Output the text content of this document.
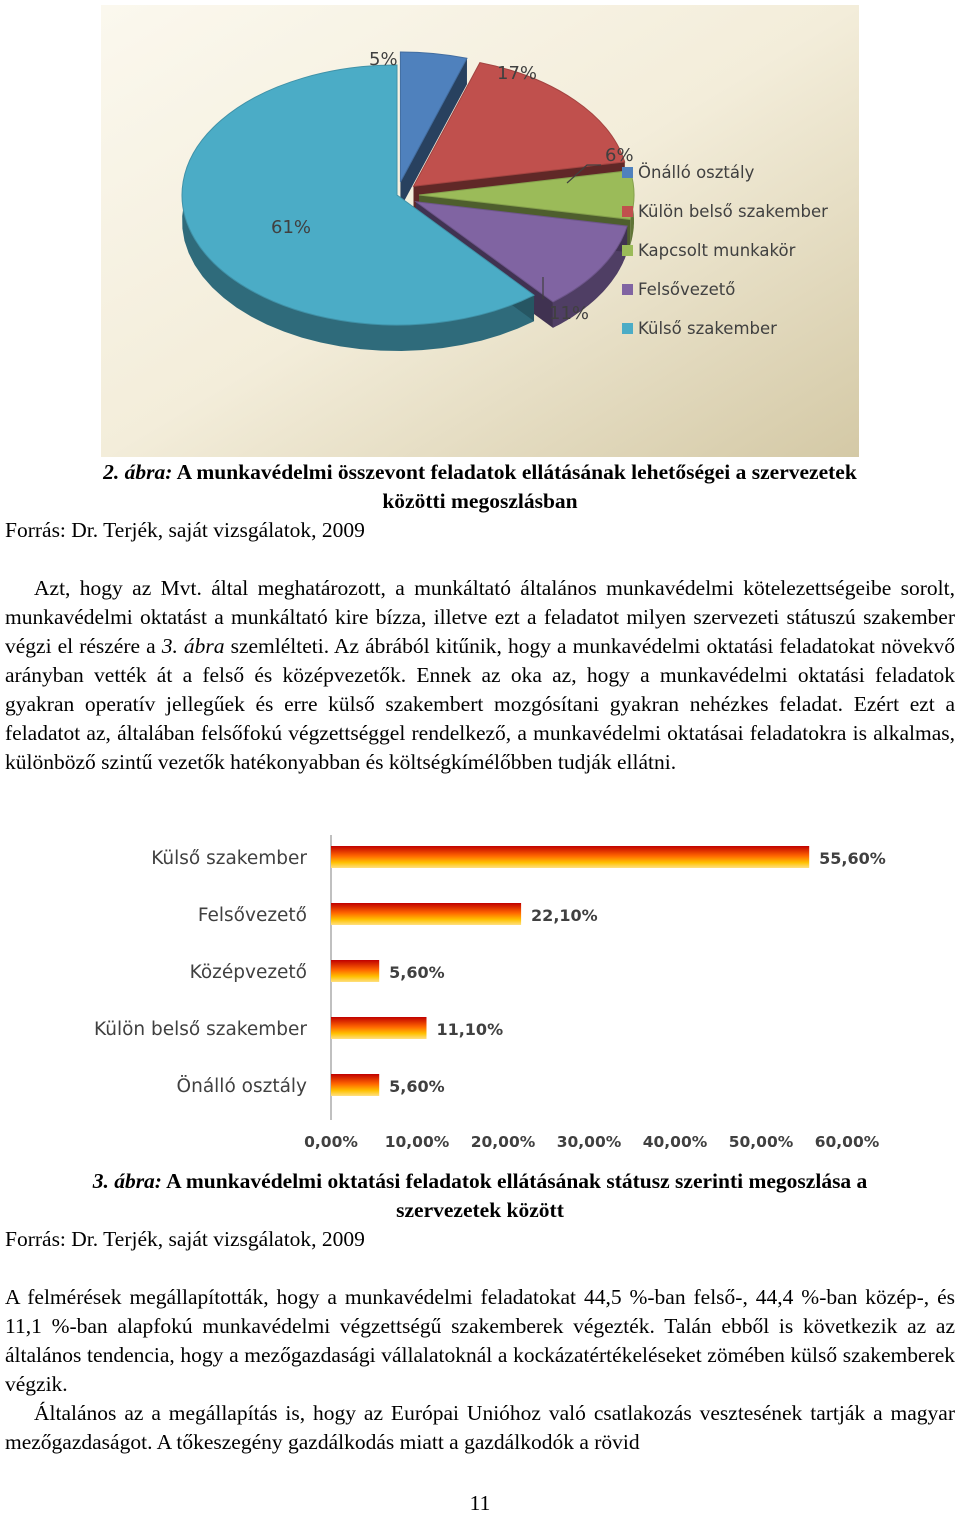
5%
17%
6%
11%
61%
Önálló osztály
Külön belső szakember
Kapcsolt munkakör
Felsővezető
Külső szakember
2. ábra: A munkavédelmi összevont feladatok ellátásának lehetőségei a szervezetek
közötti megoszlásban
Forrás: Dr. Terjék, saját vizsgálatok, 2009

Azt, hogy az Mvt. által meghatározott, a munkáltató általános munkavédelmi kötelezettségeibe sorolt, munkavédelmi oktatást a munkáltató kire bízza, illetve ezt a feladatot milyen szervezeti státuszú szakember végzi el részére a 3. ábra szemlélteti. Az ábrából kitűnik, hogy a munkavédelmi oktatási feladatokat növekvő arányban vették át a felső és középvezetők. Ennek az oka az, hogy a munkavédelmi oktatási feladatok gyakran operatív jellegűek és erre külső szakembert mozgósítani gyakran nehézkes feladat. Ezért ezt a feladatot az, általában felsőfokú végzettséggel rendelkező, a munkavédelmi oktatásai feladatokra is alkalmas, különböző szintű vezetők hatékonyabban és költségkímélőbben tudják ellátni.

Külső szakember
Felsővezető
Középvezető
Külön belső szakember
Önálló osztály
55,60%
22,10%
5,60%
11,10%
5,60%
0,00% 10,00% 20,00% 30,00% 40,00% 50,00% 60,00%
3. ábra: A munkavédelmi oktatási feladatok ellátásának státusz szerinti megoszlása a
szervezetek között
Forrás: Dr. Terjék, saját vizsgálatok, 2009

A felmérések megállapították, hogy a munkavédelmi feladatokat 44,5 %-ban felső-, 44,4 %-ban közép-, és 11,1 %-ban alapfokú munkavédelmi végzettségű szakemberek végezték. Talán ebből is következik az az általános tendencia, hogy a mezőgazdasági vállalatoknál a kockázatértékeléseket zömében külső szakemberek végzik.

Általános az a megállapítás is, hogy az Európai Unióhoz való csatlakozás vesztesének tartják a magyar mezőgazdaságot. A tőkeszegény gazdálkodás miatt a gazdálkodók a rövid

11
